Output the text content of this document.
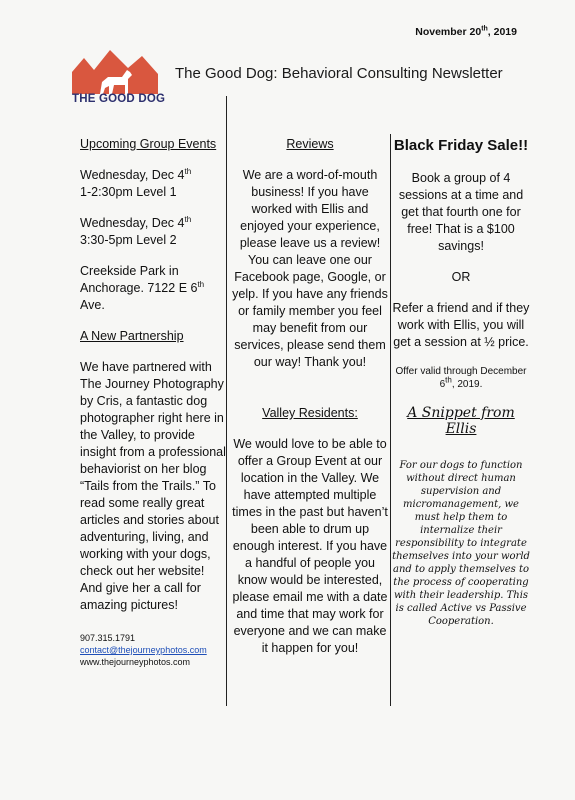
November 20th, 2019
THE GOOD DOG
The Good Dog: Behavioral Consulting Newsletter
Upcoming Group Events
Wednesday, Dec 4th
1-2:30pm Level 1
Wednesday, Dec 4th
3:30-5pm Level 2
Creekside Park in Anchorage. 7122 E 6th Ave.
A New Partnership
We have partnered with The Journey Photography by Cris, a fantastic dog photographer right here in the Valley, to provide insight from a professional behaviorist on her blog “Tails from the Trails.” To read some really great articles and stories about adventuring, living, and working with your dogs, check out her website! And give her a call for amazing pictures!
907.315.1791
contact@thejourneyphotos.com
www.thejourneyphotos.com
Reviews
We are a word-of-mouth business! If you have worked with Ellis and enjoyed your experience, please leave us a review! You can leave one our Facebook page, Google, or yelp. If you have any friends or family member you feel may benefit from our services, please send them our way! Thank you!
Valley Residents:
We would love to be able to offer a Group Event at our location in the Valley. We have attempted multiple times in the past but haven’t been able to drum up enough interest. If you have a handful of people you know would be interested, please email me with a date and time that may work for everyone and we can make it happen for you!
Black Friday Sale!!
Book a group of 4 sessions at a time and get that fourth one for free! That is a $100 savings!
OR
Refer a friend and if they work with Ellis, you will get a session at ½ price.
Offer valid through December 6th, 2019.
A Snippet from Ellis
For our dogs to function without direct human supervision and micromanagement, we must help them to internalize their responsibility to integrate themselves into your world and to apply themselves to the process of cooperating with their leadership. This is called Active vs Passive Cooperation.
